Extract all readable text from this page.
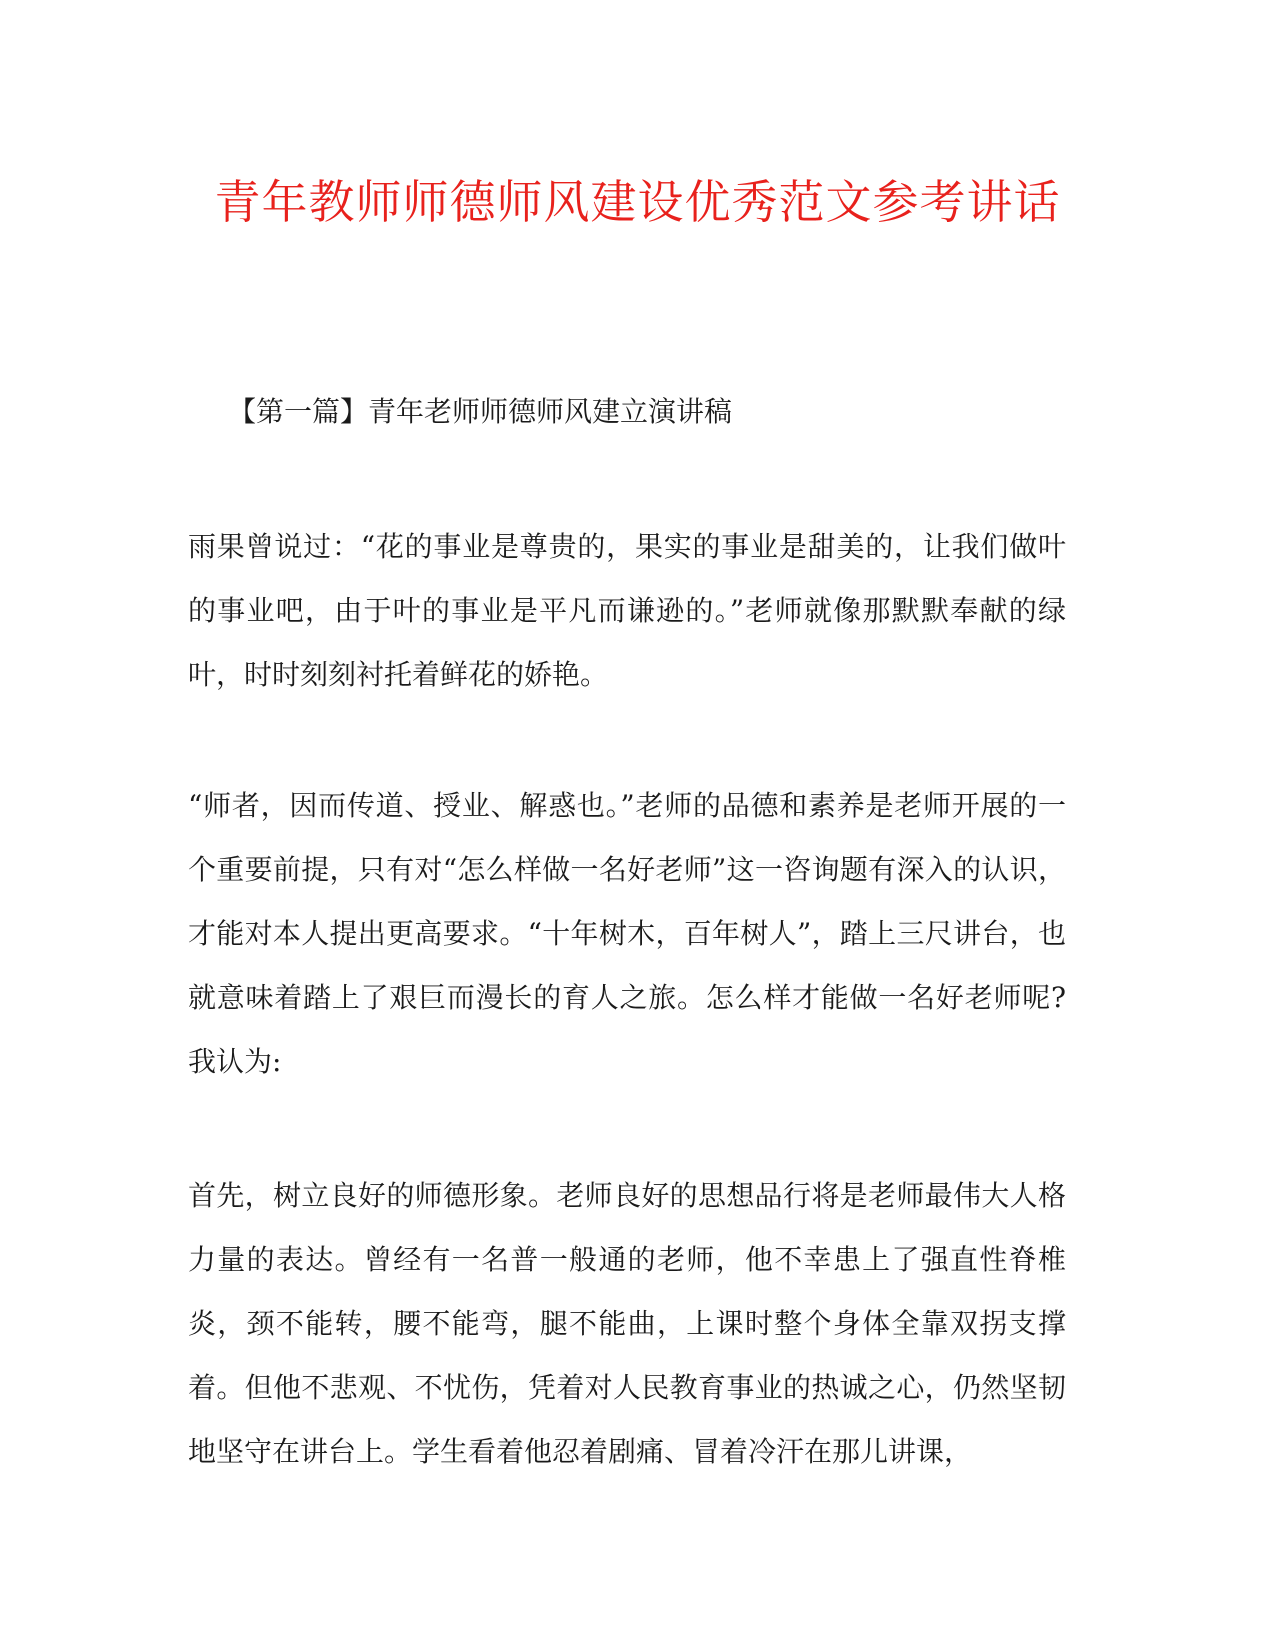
青年教师师德师风建设优秀范文参考讲话
【第一篇】青年老师师德师风建立演讲稿

雨果曾说过：“花的事业是尊贵的，果实的事业是甜美的，让我们做叶的事业吧，由于叶的事业是平凡而谦逊的。”老师就像那默默奉献的绿叶，时时刻刻衬托着鲜花的娇艳。

“师者，因而传道、授业、解惑也。”老师的品德和素养是老师开展的一个重要前提，只有对“怎么样做一名好老师”这一咨询题有深入的认识，才能对本人提出更高要求。“十年树木，百年树人”，踏上三尺讲台，也就意味着踏上了艰巨而漫长的育人之旅。怎么样才能做一名好老师呢?我认为:

首先，树立良好的师德形象。老师良好的思想品行将是老师最伟大人格力量的表达。曾经有一名普一般通的老师，他不幸患上了强直性脊椎炎，颈不能转，腰不能弯，腿不能曲，上课时整个身体全靠双拐支撑着。但他不悲观、不忧伤，凭着对人民教育事业的热诚之心，仍然坚韧地坚守在讲台上。学生看着他忍着剧痛、冒着冷汗在那儿讲课，
